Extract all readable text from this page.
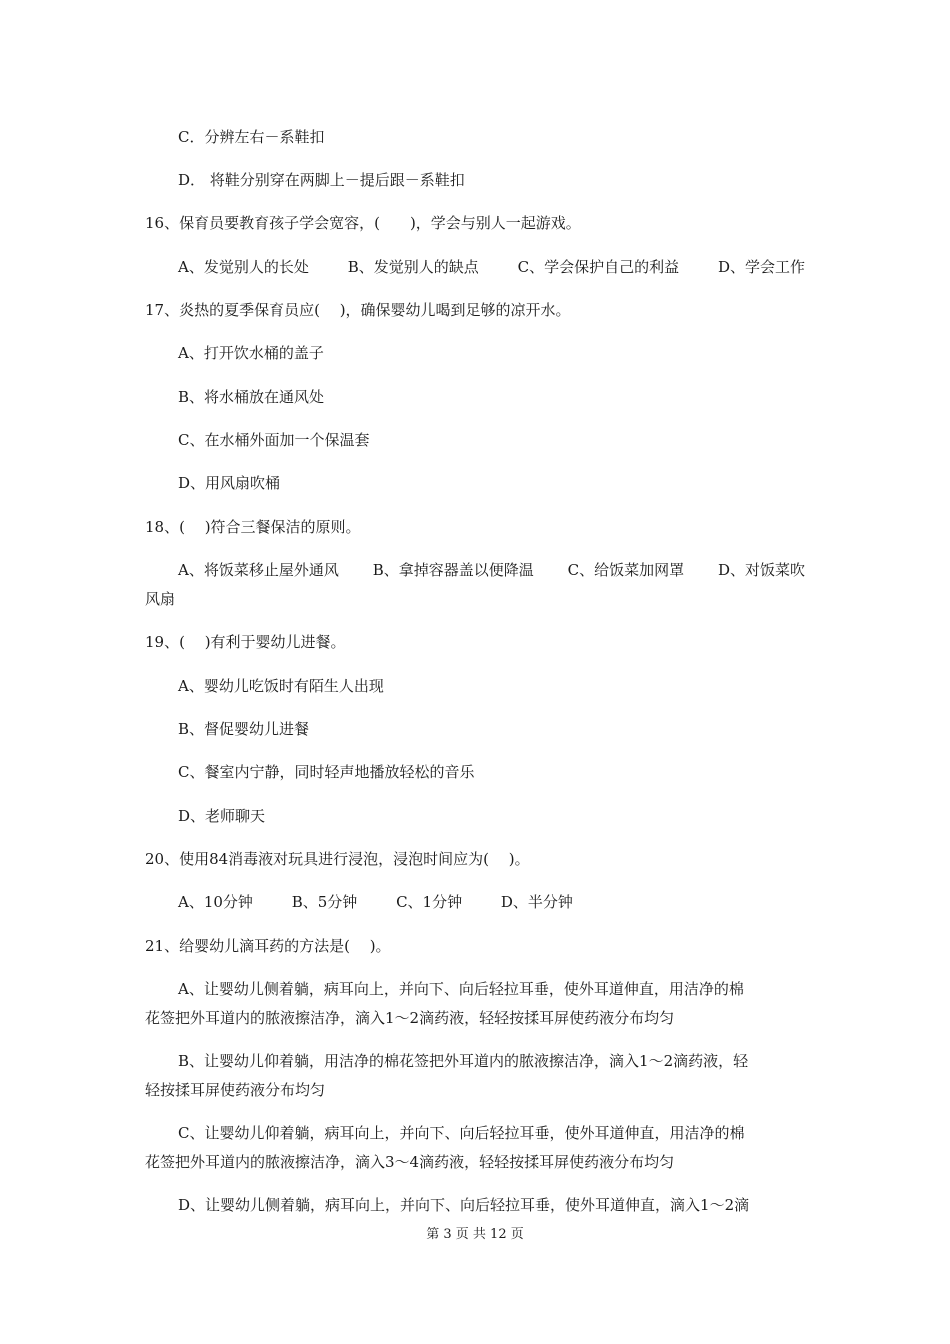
C．分辨左右－系鞋扣
D． 将鞋分别穿在两脚上－提后跟－系鞋扣
16、保育员要教育孩子学会宽容，(　　)，学会与别人一起游戏。
A、发觉别人的长处	B、发觉别人的缺点	C、学会保护自己的利益	D、学会工作
17、炎热的夏季保育员应(　 )，确保婴幼儿喝到足够的凉开水。
A、打开饮水桶的盖子
B、将水桶放在通风处
C、在水桶外面加一个保温套
D、用风扇吹桶
18、(　 )符合三餐保洁的原则。
A、将饭菜移止屋外通风 B、拿掉容器盖以便降温 C、给饭菜加网罩 D、对饭菜吹
风扇
19、(　 )有利于婴幼儿进餐。
A、婴幼儿吃饭时有陌生人出现
B、督促婴幼儿进餐
C、餐室内宁静，同时轻声地播放轻松的音乐
D、老师聊天
20、使用84消毒液对玩具进行浸泡，浸泡时间应为(　 )。
A、10分钟	B、5分钟	C、1分钟	D、半分钟
21、给婴幼儿滴耳药的方法是(　 )。
A、让婴幼儿侧着躺，病耳向上，并向下、向后轻拉耳垂，使外耳道伸直，用洁净的棉
花签把外耳道内的脓液擦洁净，滴入1～2滴药液，轻轻按揉耳屏使药液分布均匀
B、让婴幼儿仰着躺，用洁净的棉花签把外耳道内的脓液擦洁净，滴入1～2滴药液，轻
轻按揉耳屏使药液分布均匀
C、让婴幼儿仰着躺，病耳向上，并向下、向后轻拉耳垂，使外耳道伸直，用洁净的棉
花签把外耳道内的脓液擦洁净，滴入3～4滴药液，轻轻按揉耳屏使药液分布均匀
D、让婴幼儿侧着躺，病耳向上，并向下、向后轻拉耳垂，使外耳道伸直，滴入1～2滴
第 3 页 共 12 页
